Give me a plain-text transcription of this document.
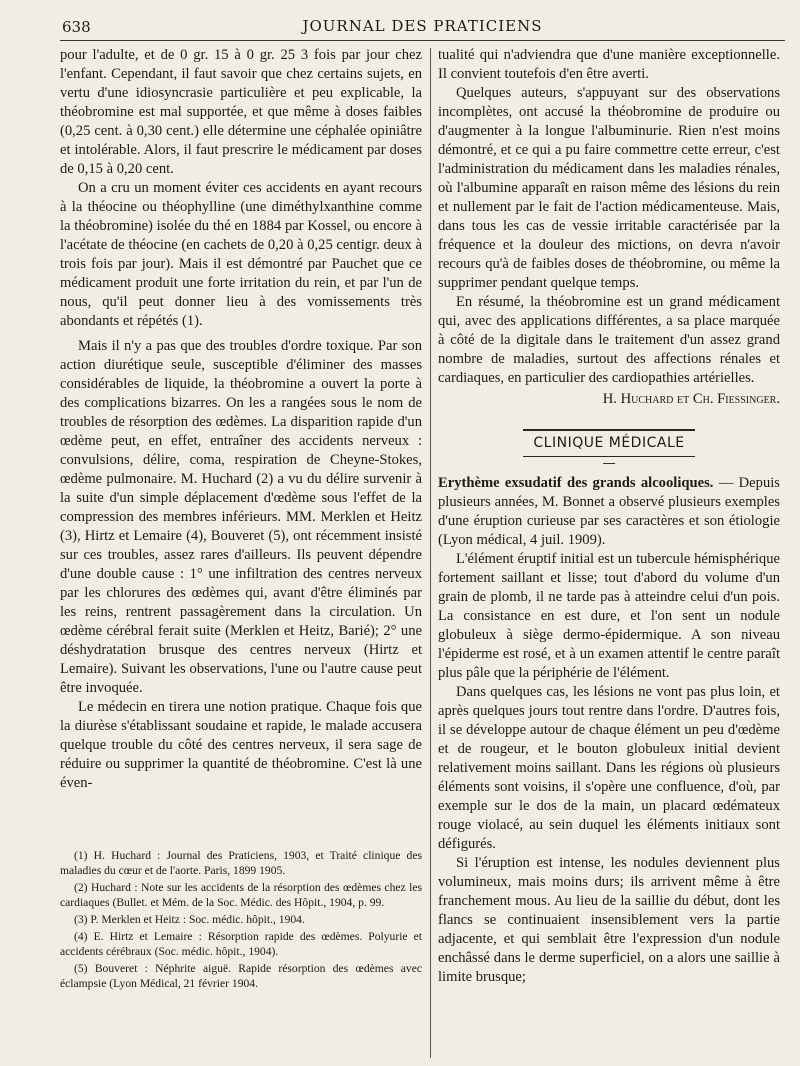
638	JOURNAL DES PRATICIENS

pour l'adulte, et de 0 gr. 15 à 0 gr. 25 3 fois par jour chez l'enfant. Cependant, il faut savoir que chez certains sujets, en vertu d'une idiosyncrasie particulière et peu explicable, la théobromine est mal supportée, et que même à doses faibles (0,25 cent. à 0,30 cent.) elle détermine une céphalée opiniâtre et intolérable. Alors, il faut prescrire le médicament par doses de 0,15 à 0,20 cent.

On a cru un moment éviter ces accidents en ayant recours à la théocine ou théophylline (une diméthylxanthine comme la théobromine) isolée du thé en 1884 par Kossel, ou encore à l'acétate de théocine (en cachets de 0,20 à 0,25 centigr. deux à trois fois par jour). Mais il est démontré par Pauchet que ce médicament produit une forte irritation du rein, et par l'un de nous, qu'il peut donner lieu à des vomissements très abondants et répétés (1).

Mais il n'y a pas que des troubles d'ordre toxique. Par son action diurétique seule, susceptible d'éliminer des masses considérables de liquide, la théobromine a ouvert la porte à des complications bizarres. On les a rangées sous le nom de troubles de résorption des œdèmes. La disparition rapide d'un œdème peut, en effet, entraîner des accidents nerveux : convulsions, délire, coma, respiration de Cheyne-Stokes, œdème pulmonaire. M. Huchard (2) a vu du délire survenir à la suite d'un simple déplacement d'œdème sous l'effet de la compression des membres inférieurs. MM. Merklen et Heitz (3), Hirtz et Lemaire (4), Bouveret (5), ont récemment insisté sur ces troubles, assez rares d'ailleurs. Ils peuvent dépendre d'une double cause : 1° une infiltration des centres nerveux par les chlorures des œdèmes qui, avant d'être éliminés par les reins, rentrent passagèrement dans la circulation. Un œdème cérébral ferait suite (Merklen et Heitz, Barié); 2° une déshydratation brusque des centres nerveux (Hirtz et Lemaire). Suivant les observations, l'une ou l'autre cause peut être invoquée.

Le médecin en tirera une notion pratique. Chaque fois que la diurèse s'établissant soudaine et rapide, le malade accusera quelque trouble du côté des centres nerveux, il sera sage de réduire ou supprimer la quantité de théobromine. C'est là une éven-

(1) H. Huchard : Journal des Praticiens, 1903, et Traité clinique des maladies du cœur et de l'aorte. Paris, 1899 1905.

(2) Huchard : Note sur les accidents de la résorption des œdèmes chez les cardiaques (Bullet. et Mém. de la Soc. Médic. des Hôpit., 1904, p. 99.

(3) P. Merklen et Heitz : Soc. médic. hôpit., 1904.

(4) E. Hirtz et Lemaire : Résorption rapide des œdèmes. Polyurie et accidents cérébraux (Soc. médic. hôpit., 1904).

(5) Bouveret : Néphrite aiguë. Rapide résorption des œdèmes avec éclampsie (Lyon Médical, 21 février 1904.

tualité qui n'adviendra que d'une manière exceptionnelle. Il convient toutefois d'en être averti.

Quelques auteurs, s'appuyant sur des observations incomplètes, ont accusé la théobromine de produire ou d'augmenter à la longue l'albuminurie. Rien n'est moins démontré, et ce qui a pu faire commettre cette erreur, c'est l'administration du médicament dans les maladies rénales, où l'albumine apparaît en raison même des lésions du rein et nullement par le fait de l'action médicamenteuse. Mais, dans tous les cas de vessie irritable caractérisée par la fréquence et la douleur des mictions, on devra n'avoir recours qu'à de faibles doses de théobromine, ou même la supprimer pendant quelque temps.

En résumé, la théobromine est un grand médicament qui, avec des applications différentes, a sa place marquée à côté de la digitale dans le traitement d'un assez grand nombre de maladies, surtout des affections rénales et cardiaques, en particulier des cardiopathies artérielles.

H. Huchard et Ch. Fiessinger.
CLINIQUE MÉDICALE

Erythème exsudatif des grands alcooliques. — Depuis plusieurs années, M. Bonnet a observé plusieurs exemples d'une éruption curieuse par ses caractères et son étiologie (Lyon médical, 4 juil. 1909).

L'élément éruptif initial est un tubercule hémisphérique fortement saillant et lisse; tout d'abord du volume d'un grain de plomb, il ne tarde pas à atteindre celui d'un pois. La consistance en est dure, et l'on sent un nodule globuleux à siège dermo-épidermique. A son niveau l'épiderme est rosé, et à un examen attentif le centre paraît plus pâle que la périphérie de l'élément.

Dans quelques cas, les lésions ne vont pas plus loin, et après quelques jours tout rentre dans l'ordre. D'autres fois, il se développe autour de chaque élément un peu d'œdème et de rougeur, et le bouton globuleux initial devient relativement moins saillant. Dans les régions où plusieurs éléments sont voisins, il s'opère une confluence, d'où, par exemple sur le dos de la main, un placard œdémateux rouge violacé, au sein duquel les éléments initiaux sont défigurés.

Si l'éruption est intense, les nodules deviennent plus volumineux, mais moins durs; ils arrivent même à être franchement mous. Au lieu de la saillie du début, dont les flancs se continuaient insensiblement vers la partie adjacente, et qui semblait être l'expression d'un nodule enchâssé dans le derme superficiel, on a alors une saillie à limite brusque;
